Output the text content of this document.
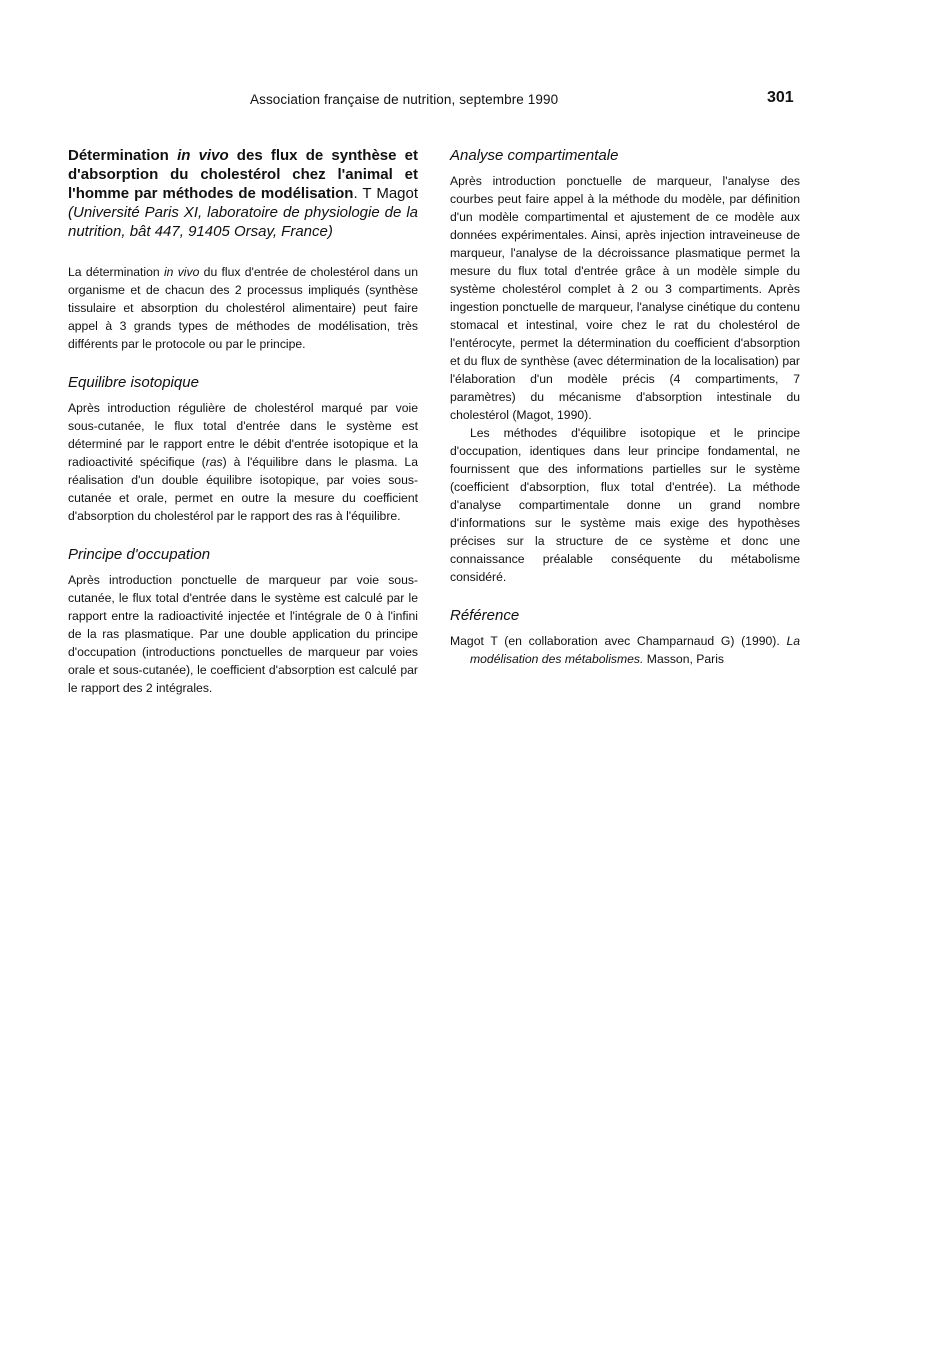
Association française de nutrition, septembre 1990	301

Détermination in vivo des flux de synthèse et d'absorption du cholestérol chez l'animal et l'homme par méthodes de modélisation. T Magot (Université Paris XI, laboratoire de physiologie de la nutrition, bât 447, 91405 Orsay, France)

La détermination in vivo du flux d'entrée de cholestérol dans un organisme et de chacun des 2 processus impliqués (synthèse tissulaire et absorption du cholestérol alimentaire) peut faire appel à 3 grands types de méthodes de modélisation, très différents par le protocole ou par le principe.

Equilibre isotopique

Après introduction régulière de cholestérol marqué par voie sous-cutanée, le flux total d'entrée dans le système est déterminé par le rapport entre le débit d'entrée isotopique et la radioactivité spécifique (ras) à l'équilibre dans le plasma. La réalisation d'un double équilibre isotopique, par voies sous-cutanée et orale, permet en outre la mesure du coefficient d'absorption du cholestérol par le rapport des ras à l'équilibre.

Principe d'occupation

Après introduction ponctuelle de marqueur par voie sous-cutanée, le flux total d'entrée dans le système est calculé par le rapport entre la radioactivité injectée et l'intégrale de 0 à l'infini de la ras plasmatique. Par une double application du principe d'occupation (introductions ponctuelles de marqueur par voies orale et sous-cutanée), le coefficient d'absorption est calculé par le rapport des 2 intégrales.

Analyse compartimentale

Après introduction ponctuelle de marqueur, l'analyse des courbes peut faire appel à la méthode du modèle, par définition d'un modèle compartimental et ajustement de ce modèle aux données expérimentales. Ainsi, après injection intraveineuse de marqueur, l'analyse de la décroissance plasmatique permet la mesure du flux total d'entrée grâce à un modèle simple du système cholestérol complet à 2 ou 3 compartiments. Après ingestion ponctuelle de marqueur, l'analyse cinétique du contenu stomacal et intestinal, voire chez le rat du cholestérol de l'entérocyte, permet la détermination du coefficient d'absorption et du flux de synthèse (avec détermination de la localisation) par l'élaboration d'un modèle précis (4 compartiments, 7 paramètres) du mécanisme d'absorption intestinale du cholestérol (Magot, 1990).

Les méthodes d'équilibre isotopique et le principe d'occupation, identiques dans leur principe fondamental, ne fournissent que des informations partielles sur le système (coefficient d'absorption, flux total d'entrée). La méthode d'analyse compartimentale donne un grand nombre d'informations sur le système mais exige des hypothèses précises sur la structure de ce système et donc une connaissance préalable conséquente du métabolisme considéré.

Référence

Magot T (en collaboration avec Champarnaud G) (1990). La modélisation des métabolismes. Masson, Paris
